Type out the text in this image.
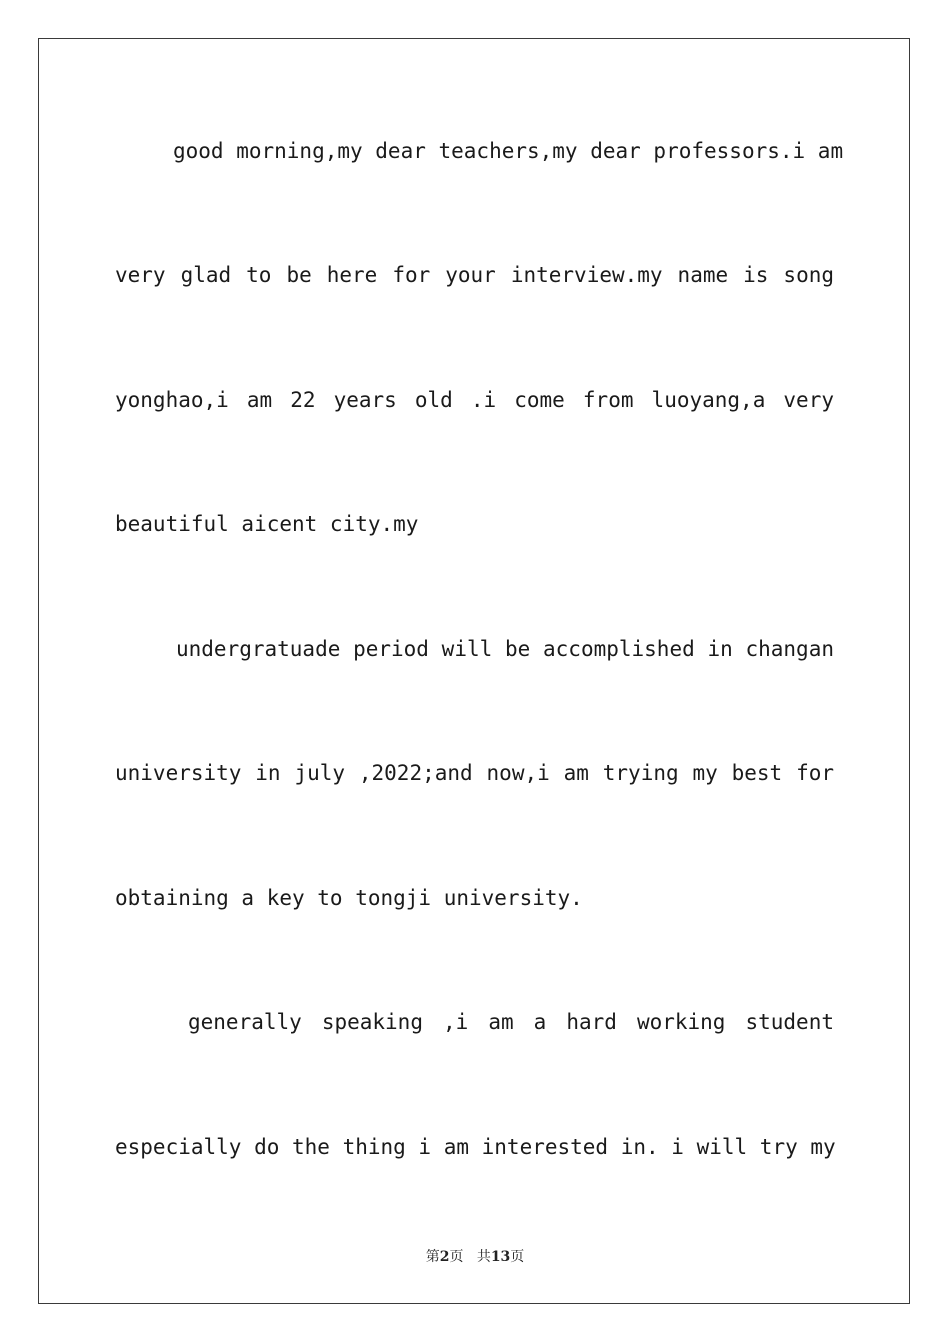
good morning,my dear teachers,my dear professors.i am
very glad to be here for your interview.my name is song
yonghao,i am 22 years old .i come from luoyang,a very
beautiful aicent city.my
undergratuade period will be accomplished in changan
university in july ,2022;and now,i am trying my best for
obtaining a key to tongji university.
generally speaking ,i am a hard working student
especially do the thing i am interested in. i will try my
第2页 共13页
